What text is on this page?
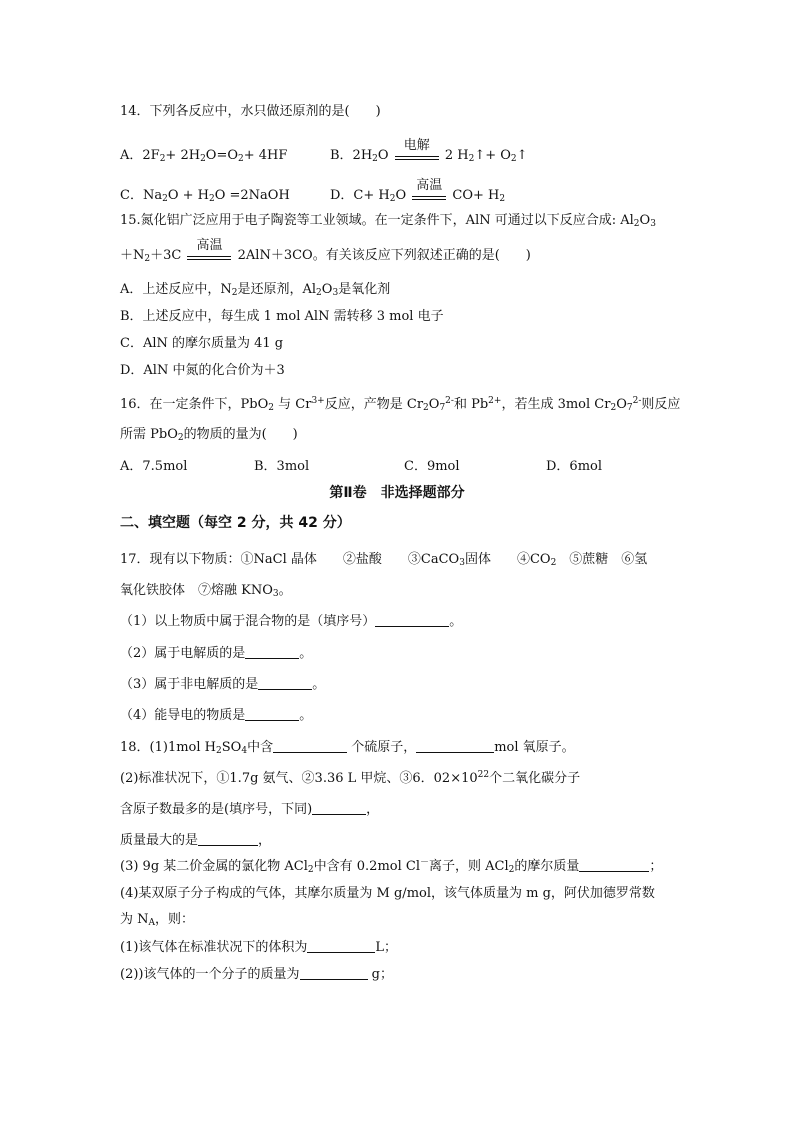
14．下列各反应中，水只做还原剂的是(　　)
A．$2F_2+ 2H_2O=O_2+ 4HF$	B．$2H_2O$
电解
2 $H_2↑+$ $O_2↑$
C．$Na_2O + H_2O$ =2NaOH	D．$C+ H_2O$
高温
$CO+ H_2$
15.氮化铝广泛应用于电子陶瓷等工业领域。在一定条件下，AlN 可通过以下反应合成: $Al_2O_3$
$+N_2+3C$
高温
2AlN＋3CO。有关该反应下列叙述正确的是(　　)
A．上述反应中，$N_2$是还原剂，$Al_2O_3$是氧化剂
B．上述反应中，每生成 1 mol AlN 需转移 3 mol 电子
C．AlN 的摩尔质量为 41 g
D．AlN 中氮的化合价为＋3
16．在一定条件下，PbO$_2$ 与 $Cr^{3+}$反应，产物是 $Cr_2O_7^{2-}$和 $Pb^{2+}$，若生成 3mol $Cr_2O_7^{2-}$则反应
所需 PbO$_2$的物质的量为(　　)
A．7.5mol	B．3mol	C．9mol	D．6mol
第Ⅱ卷　非选择题部分
二、填空题（每空 2 分，共 42 分）
17．现有以下物质：①NaCl 晶体　　②盐酸　　③CaCO$_3$固体　　$④CO_2$　⑤蔗糖　⑥氢
氧化铁胶体　⑦熔融 $KNO_3$。
（1）以上物质中属于混合物的是（填序号）	。
（2）属于电解质的是	。
（3）属于非电解质的是	。
（4）能导电的物质是	。
18．(1)1mol $H_2SO_4$中含	个硫原子，	mol 氧原子。
(2)标准状况下，①1.7g 氨气、②3.36 L 甲烷、③6．$02\times 10^{22}$个二氧化碳分子
含原子数最多的是(填序号，下同)	，
质量最大的是	，
(3) 9g 某二价金属的氯化物 ACl$_2$中含有 0.2mol Cl－离子，则 ACl$_2$的摩尔质量	；
(4)某双原子分子构成的气体，其摩尔质量为 M g/mol，该气体质量为 m g，阿伏加德罗常数
为 $N_A$，则：
(1)该气体在标准状况下的体积为	L；
(2))该气体的一个分子的质量为	g；
